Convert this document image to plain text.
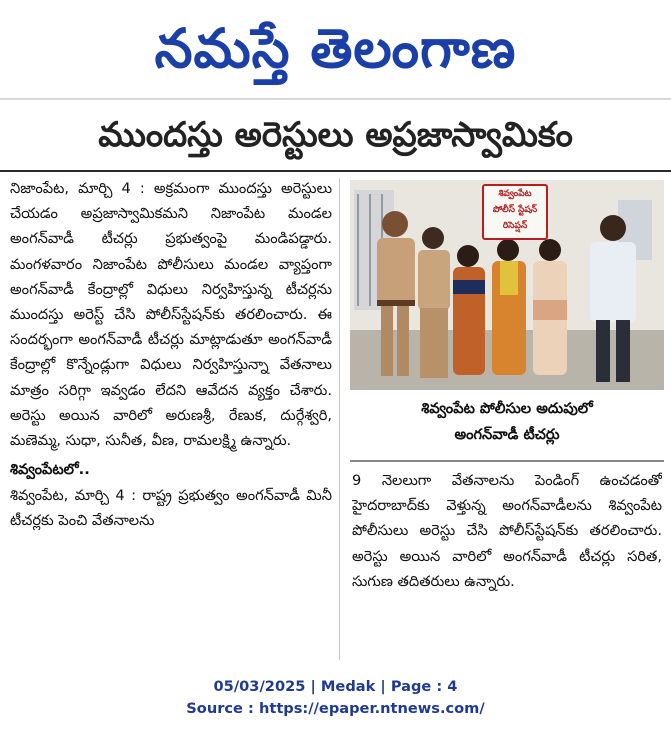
నమస్తే తెలంగాణ
ముందస్తు అరెస్టులు అప్రజాస్వామికం

నిజాంపేట, మార్చి 4 : అక్రమంగా ముందస్తు అరెస్టులు చేయడం అప్రజాస్వామికమని నిజాంపేట మండల అంగన్‌వాడీ టీచర్లు ప్రభుత్వంపై మండిపడ్డారు. మంగళవారం నిజాంపేట పోలీసులు మండల వ్యాప్తంగా అంగన్‌వాడీ కేంద్రాల్లో విధులు నిర్వహిస్తున్న టీచర్లను ముందస్తు అరెస్ట్ చేసి పోలీస్‌స్టేషన్‌కు తరలించారు. ఈ సందర్భంగా అంగన్‌వాడీ టీచర్లు మాట్లాడుతూ అంగన్‌వాడీ కేంద్రాల్లో కొన్నేండ్లుగా విధులు నిర్వహిస్తున్నా వేతనాలు మాత్రం సరిగ్గా ఇవ్వడం లేదని ఆవేదన వ్యక్తం చేశారు. అరెస్టు అయిన వారిలో అరుణశ్రీ, రేణుక, దుర్గేశ్వరి, మణెమ్మ, సుధా, సునీత, వీణ, రామలక్ష్మి ఉన్నారు.

శివ్వంపేటలో..

శివ్వంపేట, మార్చి 4 : రాష్ట్ర ప్రభుత్వం అంగన్‌వాడీ మినీ టీచర్లకు పెంచి వేతనాలను

శివ్వంపేట
పోలీస్ స్టేషన్
రిసెప్షన్
శివ్వంపేట పోలీసుల అదుపులో
అంగన్‌వాడీ టీచర్లు

9 నెలలుగా వేతనాలను పెండింగ్ ఉంచడంతో హైదరాబాద్‌కు వెళ్తున్న అంగన్‌వాడీలను శివ్వంపేట పోలీసులు అరెస్టు చేసి పోలీస్‌స్టేషన్‌కు తరలించారు. అరెస్టు అయిన వారిలో అంగన్‌వాడీ టీచర్లు సరిత, సుగుణ తదితరులు ఉన్నారు.

05/03/2025 | Medak | Page : 4
Source : https://epaper.ntnews.com/
